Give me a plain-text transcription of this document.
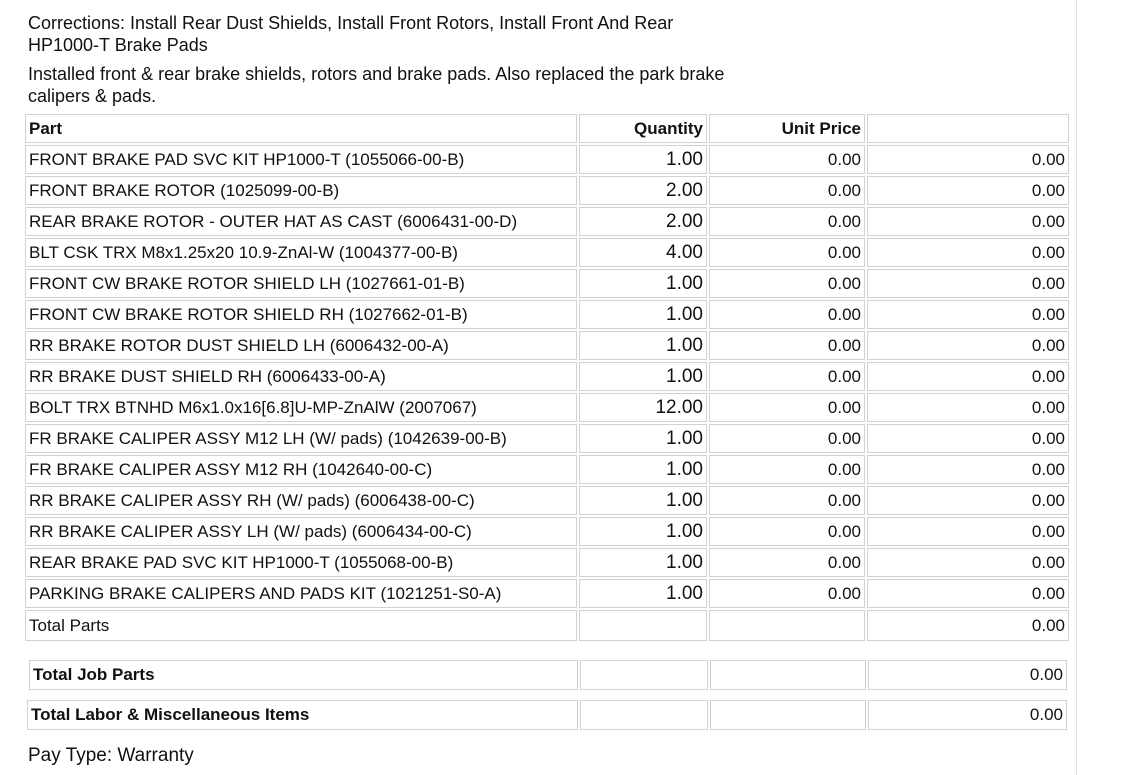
Corrections: Install Rear Dust Shields, Install Front Rotors, Install Front And Rear HP1000-T Brake Pads
Installed front & rear brake shields, rotors and brake pads. Also replaced the park brake calipers & pads.
Part	Quantity	Unit Price	
FRONT BRAKE PAD SVC KIT HP1000-T (1055066-00-B)	1.00	0.00	0.00
FRONT BRAKE ROTOR (1025099-00-B)	2.00	0.00	0.00
REAR BRAKE ROTOR - OUTER HAT AS CAST (6006431-00-D)	2.00	0.00	0.00
BLT CSK TRX M8x1.25x20 10.9-ZnAl-W (1004377-00-B)	4.00	0.00	0.00
FRONT CW BRAKE ROTOR SHIELD LH (1027661-01-B)	1.00	0.00	0.00
FRONT CW BRAKE ROTOR SHIELD RH (1027662-01-B)	1.00	0.00	0.00
RR BRAKE ROTOR DUST SHIELD LH (6006432-00-A)	1.00	0.00	0.00
RR BRAKE DUST SHIELD RH (6006433-00-A)	1.00	0.00	0.00
BOLT TRX BTNHD M6x1.0x16[6.8]U-MP-ZnAlW (2007067)	12.00	0.00	0.00
FR BRAKE CALIPER ASSY M12 LH (W/ pads) (1042639-00-B)	1.00	0.00	0.00
FR BRAKE CALIPER ASSY M12 RH (1042640-00-C)	1.00	0.00	0.00
RR BRAKE CALIPER ASSY RH (W/ pads) (6006438-00-C)	1.00	0.00	0.00
RR BRAKE CALIPER ASSY LH (W/ pads) (6006434-00-C)	1.00	0.00	0.00
REAR BRAKE PAD SVC KIT HP1000-T (1055068-00-B)	1.00	0.00	0.00
PARKING BRAKE CALIPERS AND PADS KIT (1021251-S0-A)	1.00	0.00	0.00
Total Parts			0.00
Total Job Parts			0.00
Total Labor & Miscellaneous Items			0.00
Pay Type: Warranty
